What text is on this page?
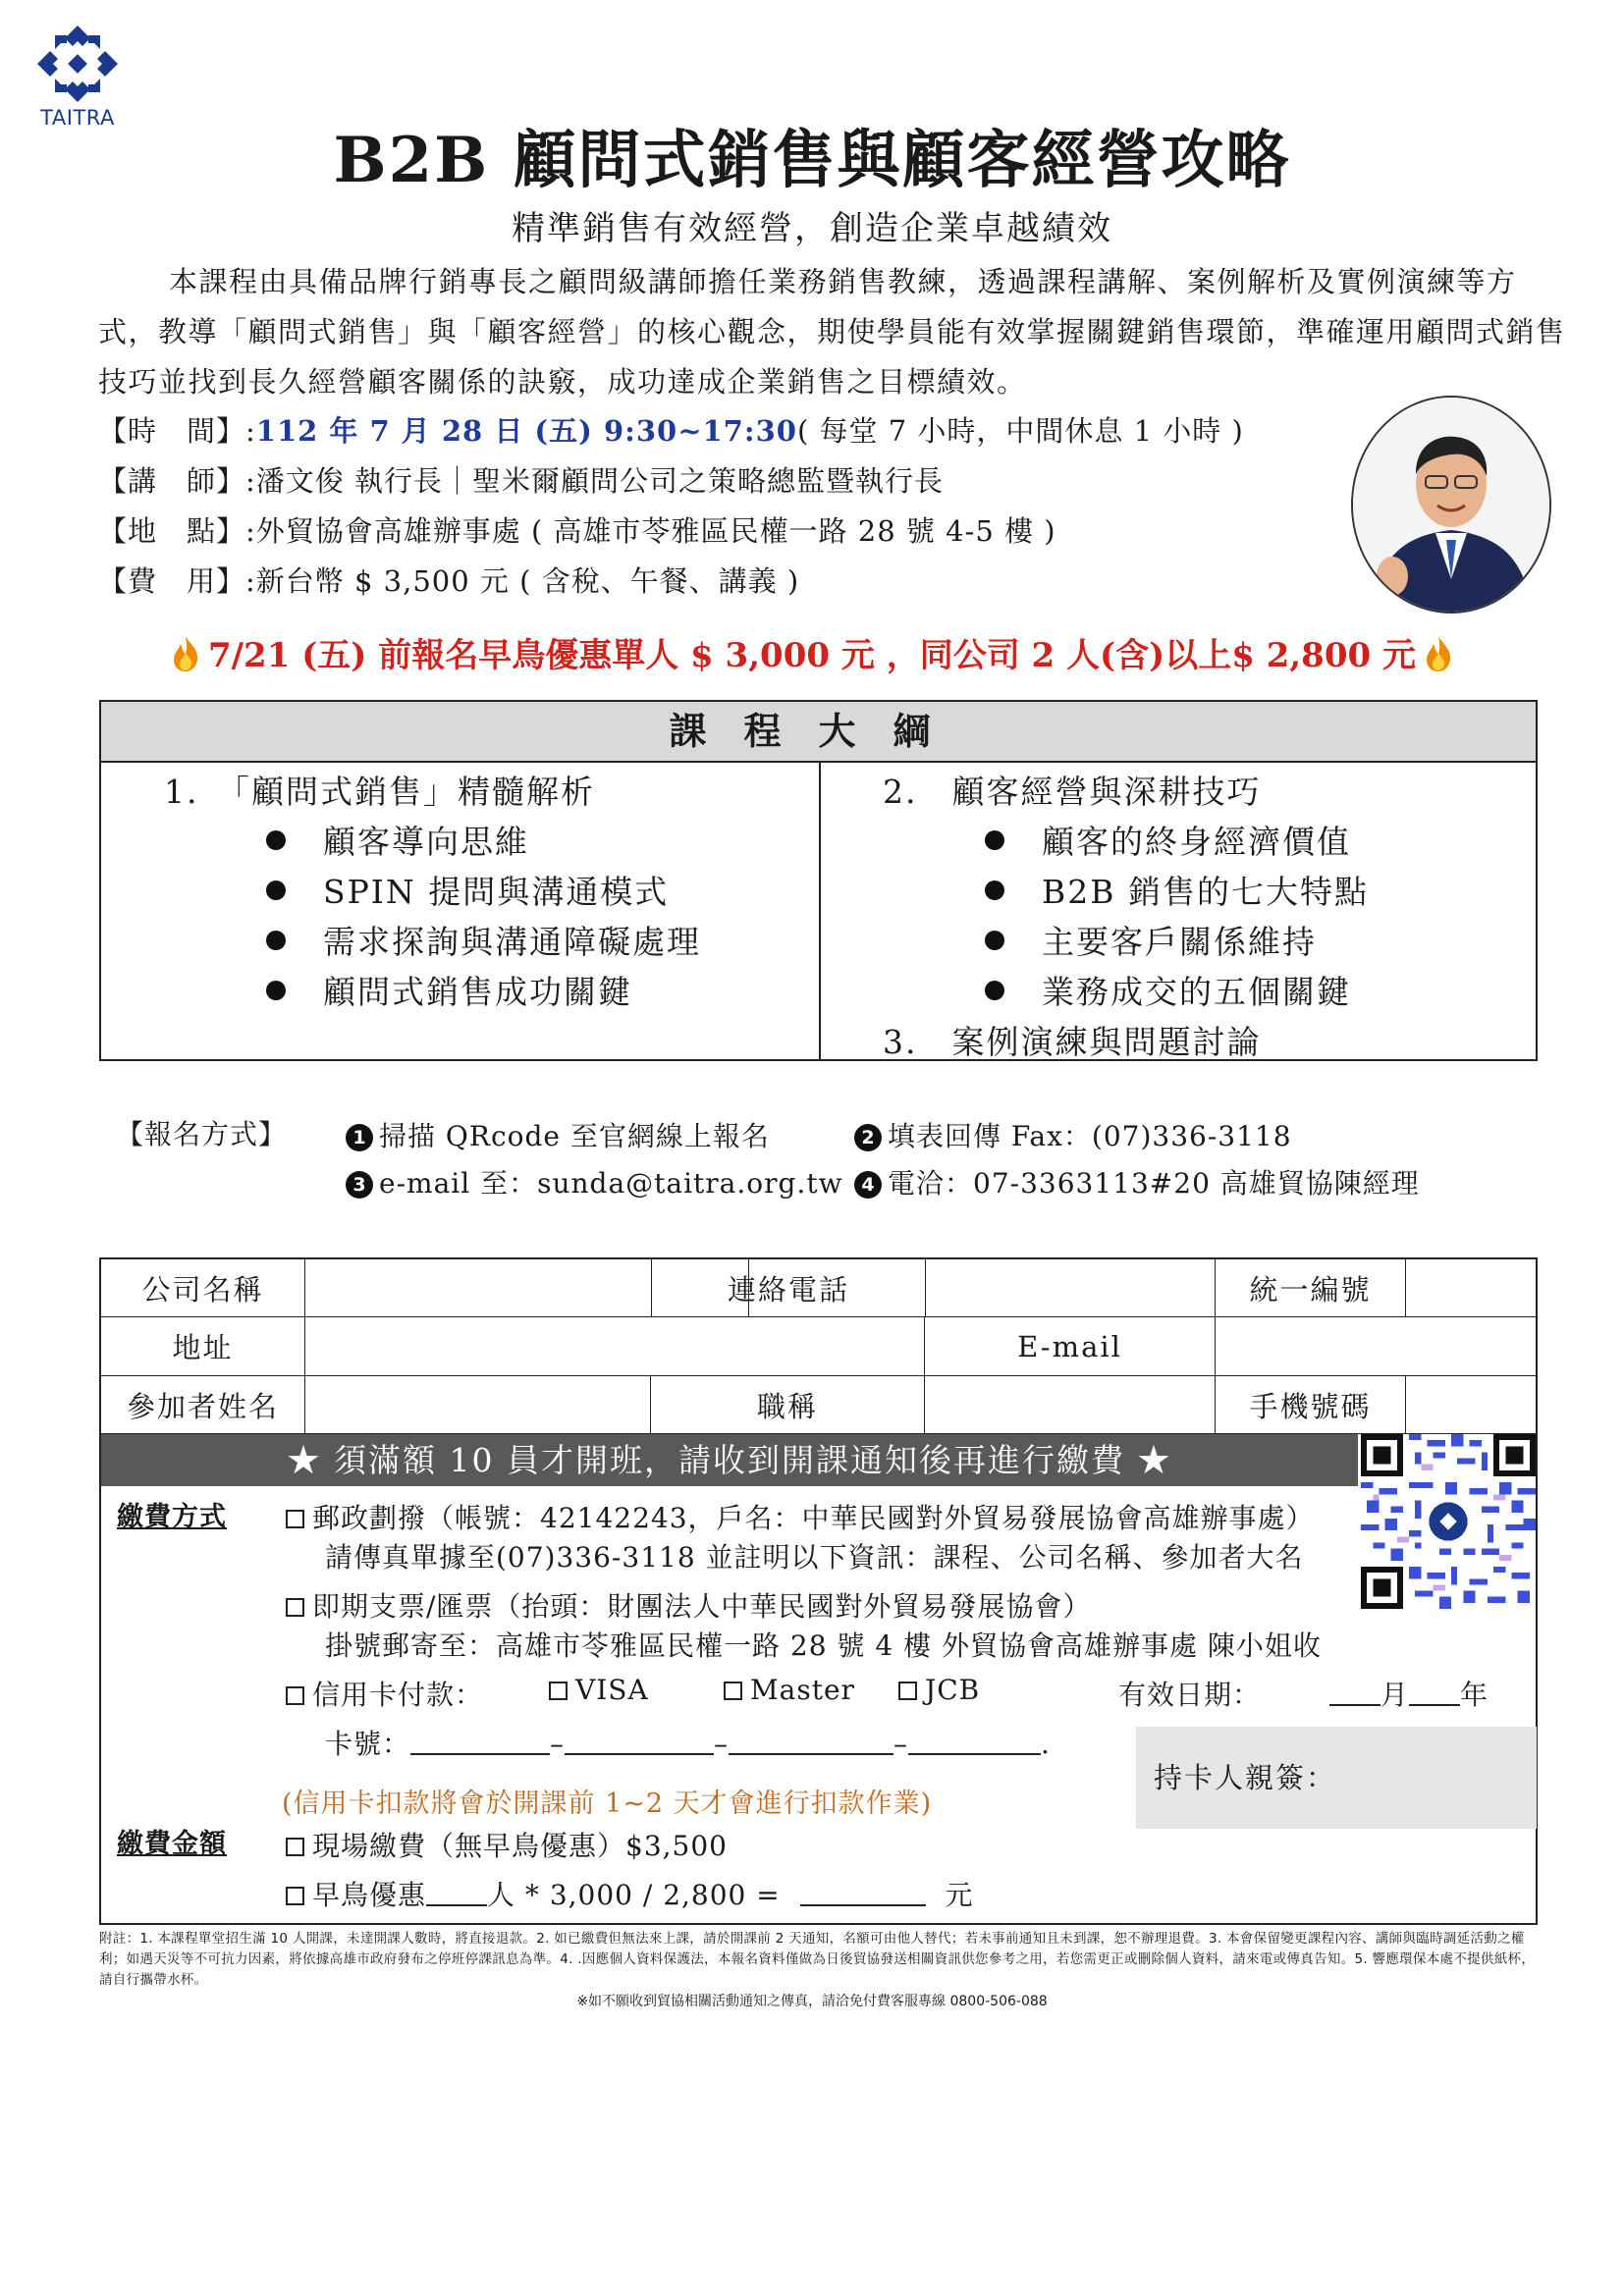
TAITRA
B2B 顧問式銷售與顧客經營攻略
精準銷售有效經營，創造企業卓越績效

本課程由具備品牌行銷專長之顧問級講師擔任業務銷售教練，透過課程講解、案例解析及實例演練等方式，教導「顧問式銷售」與「顧客經營」的核心觀念，期使學員能有效掌握關鍵銷售環節，準確運用顧問式銷售技巧並找到長久經營顧客關係的訣竅，成功達成企業銷售之目標績效。

【時　間】:112 年 7 月 28 日 (五) 9:30~17:30( 每堂 7 小時，中間休息 1 小時 )
【講　師】:潘文俊 執行長｜聖米爾顧問公司之策略總監暨執行長
【地　點】:外貿協會高雄辦事處 ( 高雄市苓雅區民權一路 28 號 4-5 樓 )
【費　用】:新台幣 $ 3,500 元 ( 含稅、午餐、講義 )
7/21 (五) 前報名早鳥優惠單人 $ 3,000 元 ，同公司 2 人(含)以上$ 2,800 元
課程大綱
1.　「顧問式銷售」精髓解析
顧客導向思維
SPIN 提問與溝通模式
需求探詢與溝通障礙處理
顧問式銷售成功關鍵
2.　顧客經營與深耕技巧
顧客的終身經濟價值
B2B 銷售的七大特點
主要客戶關係維持
業務成交的五個關鍵
3.　案例演練與問題討論
【報名方式】	1 掃描 QRcode 至官網線上報名	2 填表回傳 Fax：(07)336-3118
3 e-mail 至：sunda@taitra.org.tw 4 電洽：07-3363113#20 高雄貿協陳經理
公司名稱	連絡電話	統一編號
地址	E-mail
參加者姓名	職稱	手機號碼
★ 須滿額 10 員才開班，請收到開課通知後再進行繳費 ★
繳費方式	郵政劃撥（帳號：42142243，戶名：中華民國對外貿易發展協會高雄辦事處）
請傳真單據至(07)336-3118 並註明以下資訊：課程、公司名稱、參加者大名
即期支票/匯票（抬頭：財團法人中華民國對外貿易發展協會）
掛號郵寄至：高雄市苓雅區民權一路 28 號 4 樓 外貿協會高雄辦事處 陳小姐收
信用卡付款：	VISA	Master	JCB	有效日期：	月 年
卡號：	–	–	–	.
持卡人親簽：
(信用卡扣款將會於開課前 1~2 天才會進行扣款作業)
繳費金額	現場繳費（無早鳥優惠）$3,500
早鳥優惠 人 * 3,000 / 2,800 =	元
附註：1. 本課程單堂招生滿 10 人開課，未達開課人數時，將直接退款。2. 如已繳費但無法來上課，請於開課前 2 天通知，名額可由他人替代；若未事前通知且未到課，恕不辦理退費。3. 本會保留變更課程內容、講師與臨時調延活動之權利；如遇天災等不可抗力因素，將依據高雄市政府發布之停班停課訊息為準。4. .因應個人資料保護法，本報名資料僅做為日後貿協發送相關資訊供您參考之用，若您需更正或刪除個人資料，請來電或傳真告知。5. 響應環保本處不提供紙杯，請自行攜帶水杯。
※如不願收到貿協相關活動通知之傳真，請洽免付費客服專線 0800-506-088
